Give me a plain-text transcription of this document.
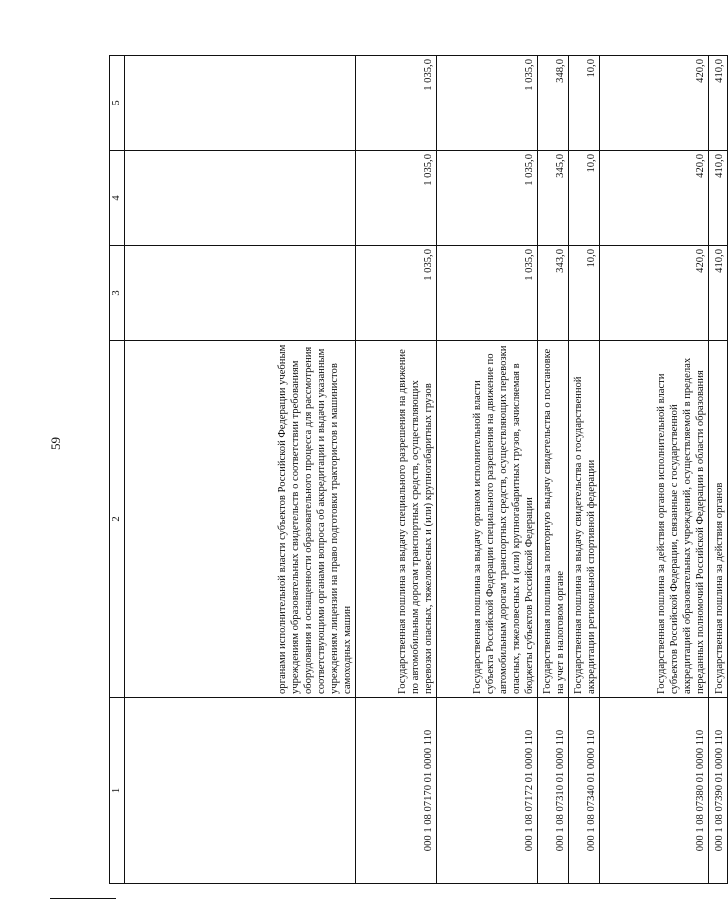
59
1	2	3	4	5
	органами исполнительной власти субъектов Российской Федерации учебным учреждениям образовательных свидетельств о соответствии требованиям оборудования и оснащенности образовательного процесса для рассмотрения соответствующими органами вопроса об аккредитации и выдачи указанным учреждениям лицензии на право подготовки трактористов и машинистов самоходных машин			
000 1 08 07170 01 0000 110	Государственная пошлина за выдачу специального разрешения на движение по автомобильным дорогам транспортных средств, осуществляющих перевозки опасных, тяжеловесных и (или) крупногабаритных грузов	1 035,0	1 035,0	1 035,0
000 1 08 07172 01 0000 110	Государственная пошлина за выдачу органом исполнительной власти субъекта Российской Федерации специального разрешения на движение по автомобильным дорогам транспортных средств, осуществляющих перевозки опасных, тяжеловесных и (или) крупногабаритных грузов, зачисляемая в бюджеты субъектов Российской Федерации	1 035,0	1 035,0	1 035,0
000 1 08 07310 01 0000 110	Государственная пошлина за повторную выдачу свидетельства о постановке на учет в налоговом органе	343,0	345,0	348,0
000 1 08 07340 01 0000 110	Государственная пошлина за выдачу свидетельства о государственной аккредитации региональной спортивной федерации	10,0	10,0	10,0
000 1 08 07380 01 0000 110	Государственная пошлина за действия органов исполнительной власти субъектов Российской Федерации, связанные с государственной аккредитацией образовательных учреждений, осуществляемой в пределах переданных полномочий Российской Федерации в области образования	420,0	420,0	420,0
000 1 08 07390 01 0000 110	Государственная пошлина за действия органов	410,0	410,0	410,0
